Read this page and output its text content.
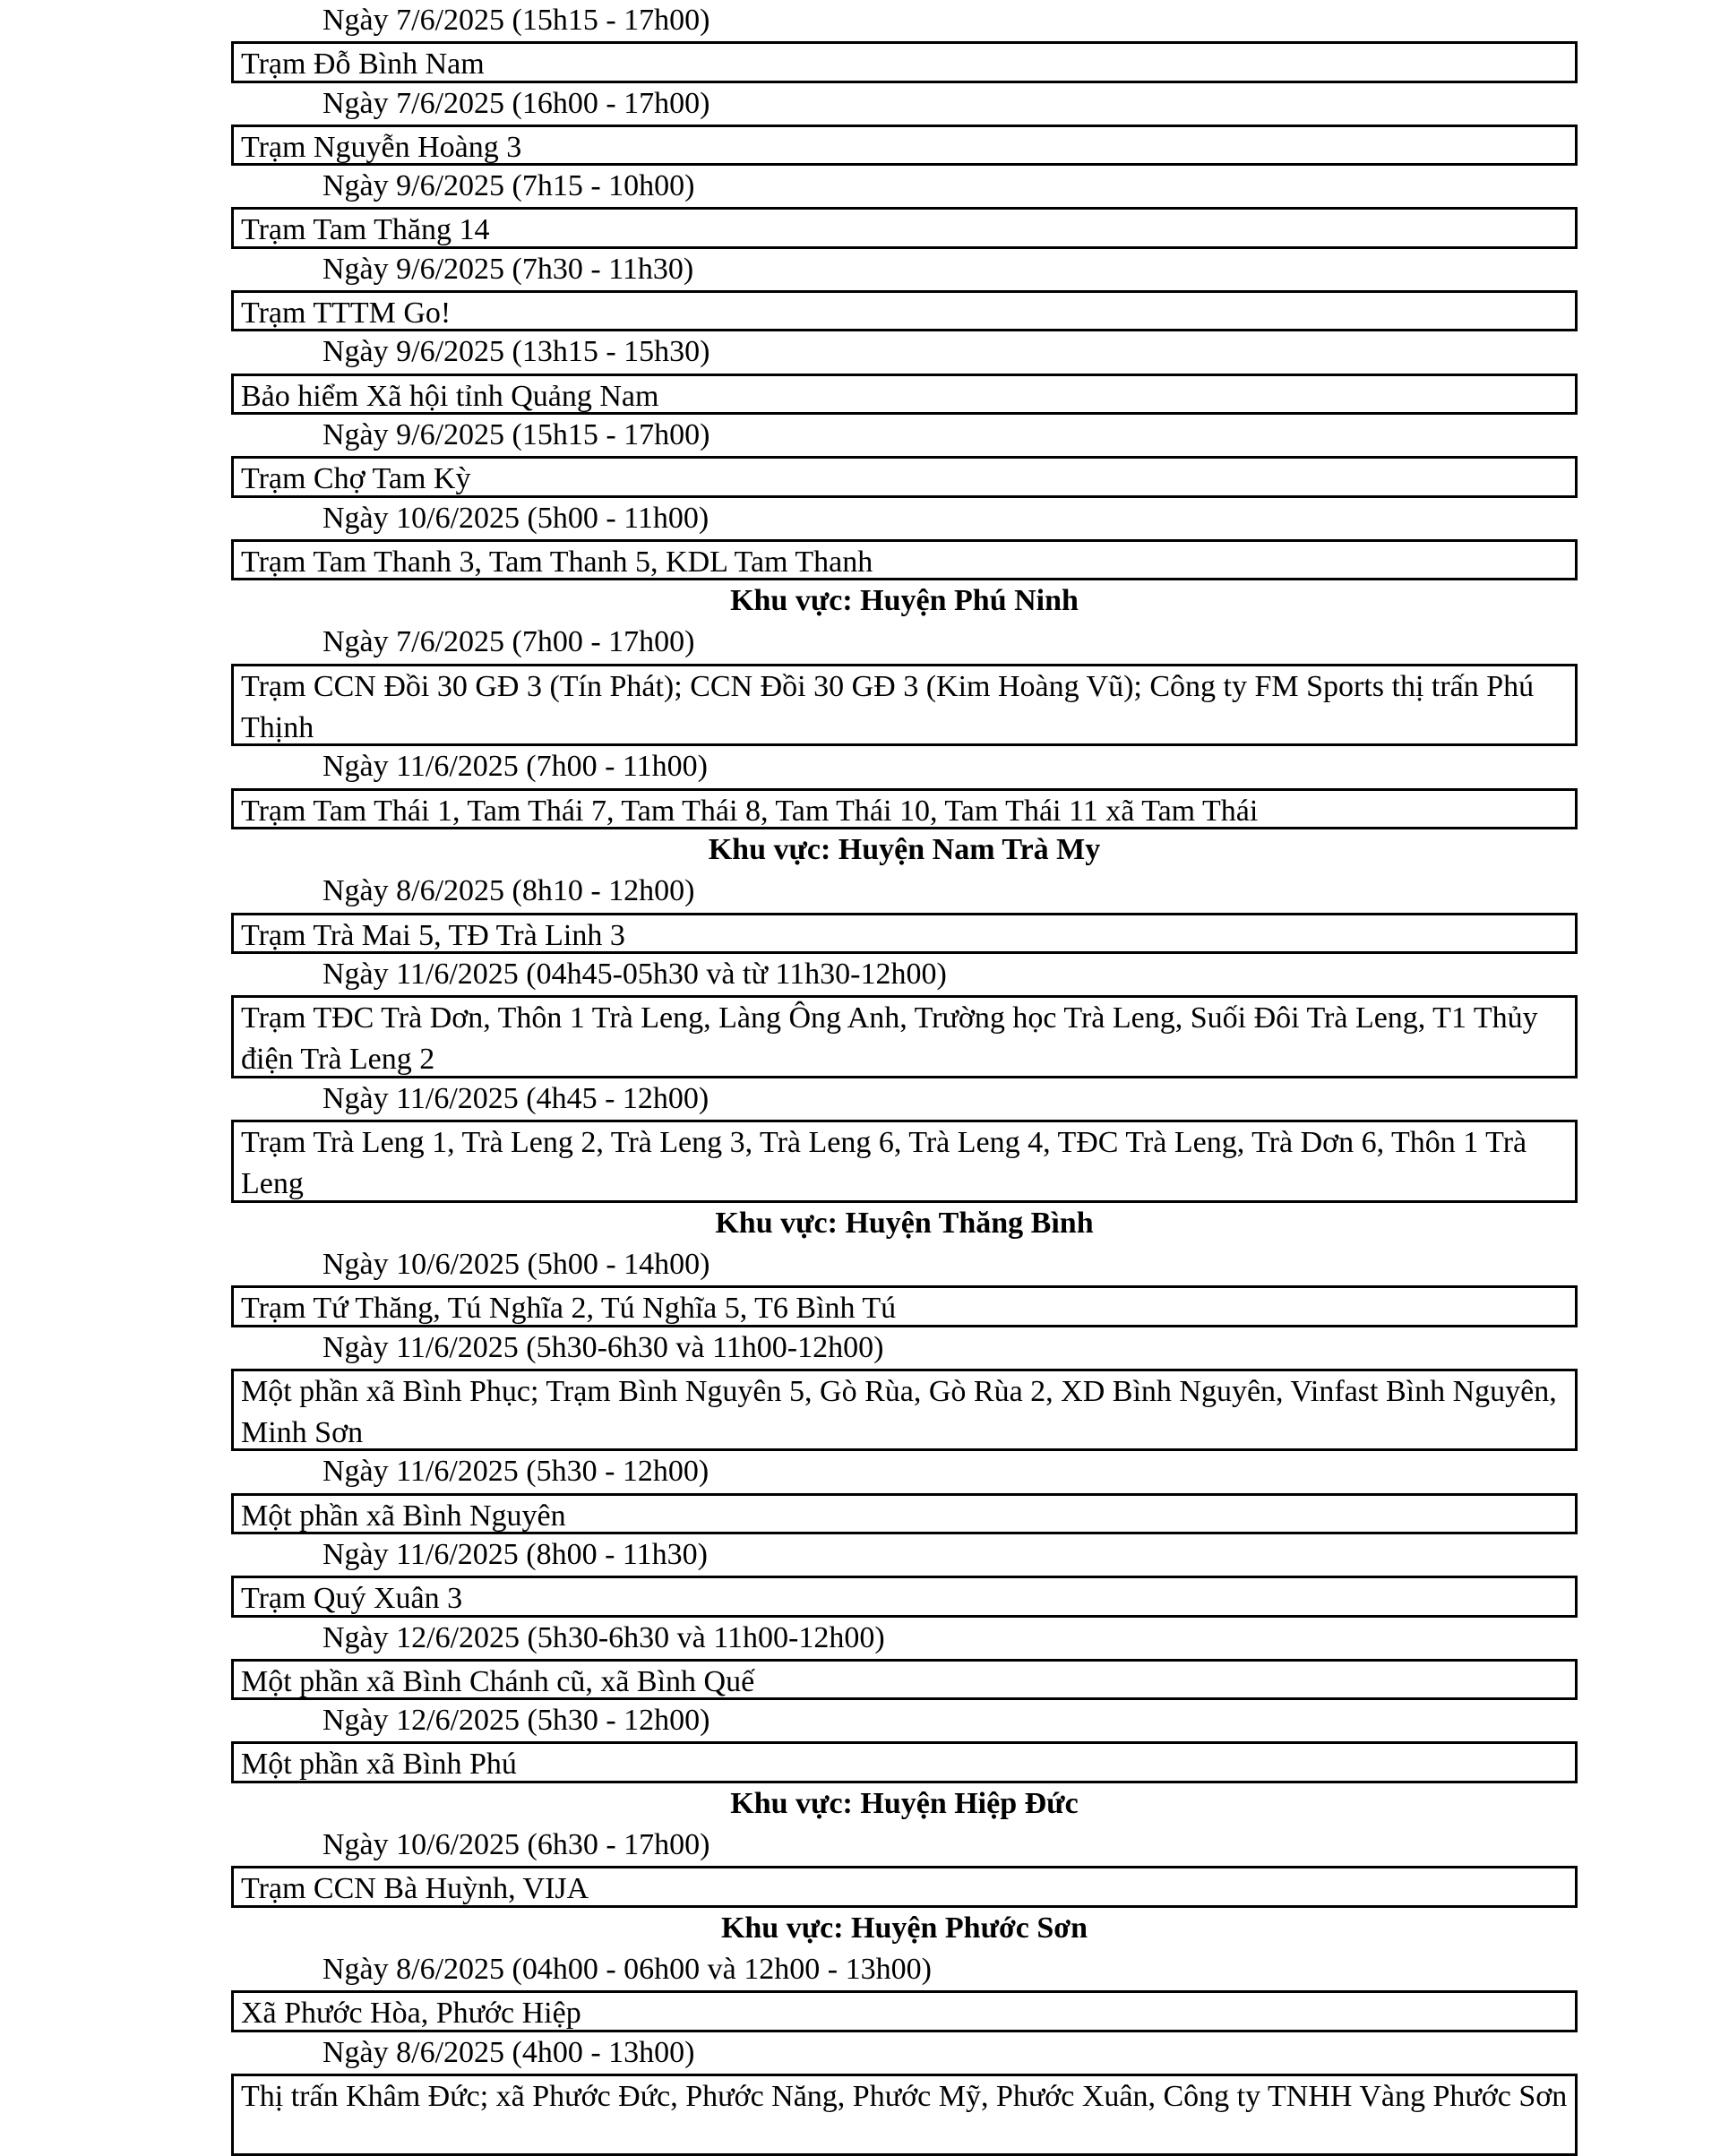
Ngày 7/6/2025 (15h15 - 17h00)
Trạm Đỗ Bình Nam
Ngày 7/6/2025 (16h00 - 17h00)
Trạm Nguyễn Hoàng 3
Ngày 9/6/2025 (7h15 - 10h00)
Trạm Tam Thăng 14
Ngày 9/6/2025 (7h30 - 11h30)
Trạm TTTM Go!
Ngày 9/6/2025 (13h15 - 15h30)
Bảo hiểm Xã hội tỉnh Quảng Nam
Ngày 9/6/2025 (15h15 - 17h00)
Trạm Chợ Tam Kỳ
Ngày 10/6/2025 (5h00 - 11h00)
Trạm Tam Thanh 3, Tam Thanh 5, KDL Tam Thanh
Khu vực: Huyện Phú Ninh
Ngày 7/6/2025 (7h00 - 17h00)
Trạm CCN Đồi 30 GĐ 3 (Tín Phát); CCN Đồi 30 GĐ 3 (Kim Hoàng Vũ); Công ty FM Sports thị trấn Phú Thịnh
Ngày 11/6/2025 (7h00 - 11h00)
Trạm Tam Thái 1, Tam Thái 7, Tam Thái 8, Tam Thái 10, Tam Thái 11 xã Tam Thái
Khu vực: Huyện Nam Trà My
Ngày 8/6/2025 (8h10 - 12h00)
Trạm Trà Mai 5, TĐ Trà Linh 3
Ngày 11/6/2025 (04h45-05h30 và từ 11h30-12h00)
Trạm TĐC Trà Dơn, Thôn 1 Trà Leng, Làng Ông Anh, Trường học Trà Leng, Suối Đôi Trà Leng, T1 Thủy điện Trà Leng 2
Ngày 11/6/2025 (4h45 - 12h00)
Trạm Trà Leng 1, Trà Leng 2, Trà Leng 3, Trà Leng 6, Trà Leng 4, TĐC Trà Leng, Trà Dơn 6, Thôn 1 Trà Leng
Khu vực: Huyện Thăng Bình
Ngày 10/6/2025 (5h00 - 14h00)
Trạm Tứ Thăng, Tú Nghĩa 2, Tú Nghĩa 5, T6 Bình Tú
Ngày 11/6/2025 (5h30-6h30 và 11h00-12h00)
Một phần xã Bình Phục; Trạm Bình Nguyên 5, Gò Rùa, Gò Rùa 2, XD Bình Nguyên, Vinfast Bình Nguyên, Minh Sơn
Ngày 11/6/2025 (5h30 - 12h00)
Một phần xã Bình Nguyên
Ngày 11/6/2025 (8h00 - 11h30)
Trạm Quý Xuân 3
Ngày 12/6/2025 (5h30-6h30 và 11h00-12h00)
Một phần xã Bình Chánh cũ, xã Bình Quế
Ngày 12/6/2025 (5h30 - 12h00)
Một phần xã Bình Phú
Khu vực: Huyện Hiệp Đức
Ngày 10/6/2025 (6h30 - 17h00)
Trạm CCN Bà Huỳnh, VIJA
Khu vực: Huyện Phước Sơn
Ngày 8/6/2025 (04h00 - 06h00 và 12h00 - 13h00)
Xã Phước Hòa, Phước Hiệp
Ngày 8/6/2025 (4h00 - 13h00)
Thị trấn Khâm Đức; xã Phước Đức, Phước Năng, Phước Mỹ, Phước Xuân, Công ty TNHH Vàng Phước Sơn
